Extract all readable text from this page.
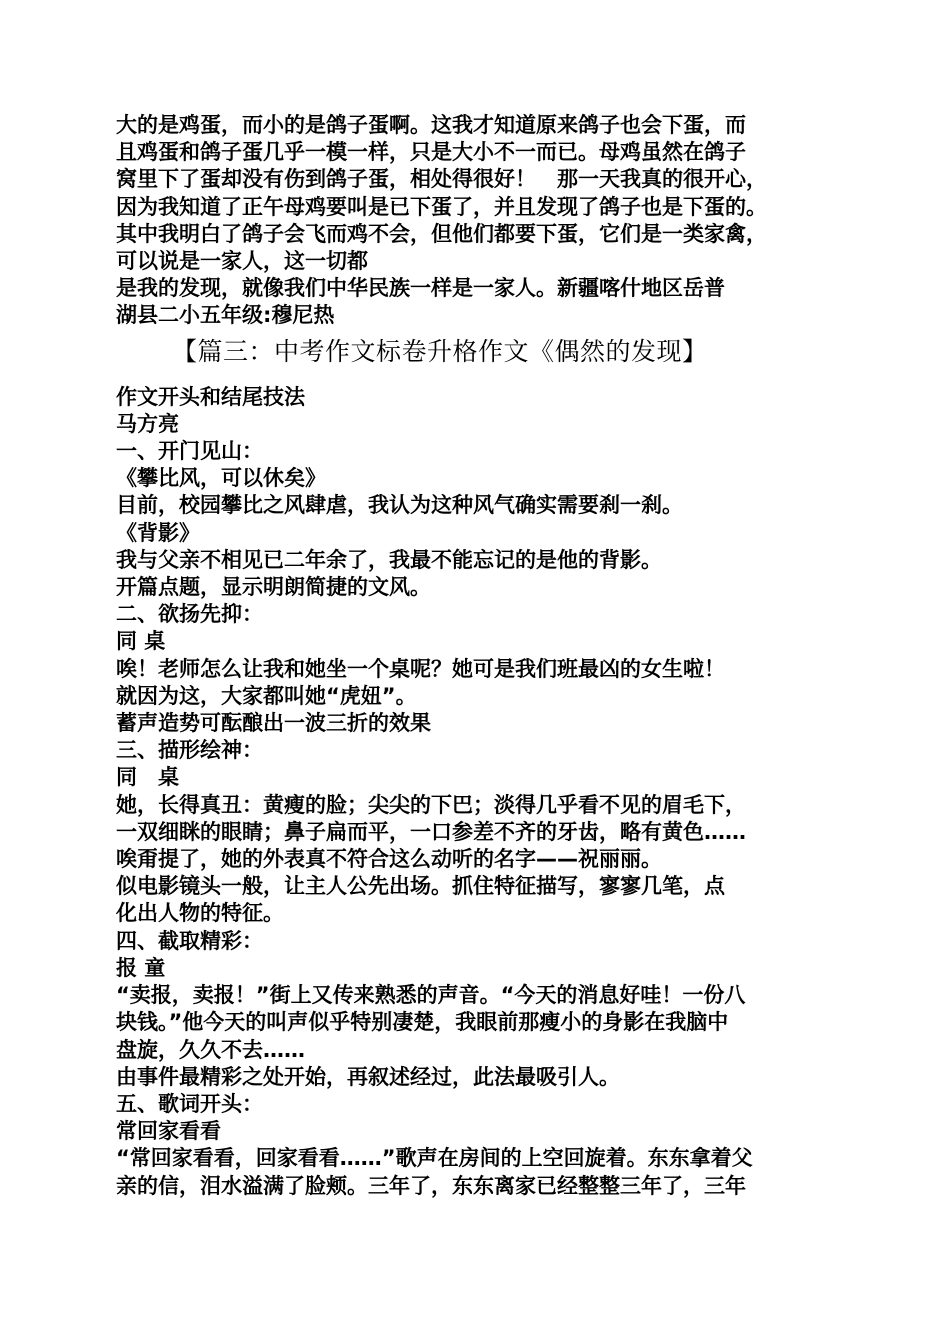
大的是鸡蛋，而小的是鸽子蛋啊。这我才知道原来鸽子也会下蛋，而
且鸡蛋和鸽子蛋几乎一模一样，只是大小不一而已。母鸡虽然在鸽子
窝里下了蛋却没有伤到鸽子蛋，相处得很好！　那一天我真的很开心，
因为我知道了正午母鸡要叫是已下蛋了，并且发现了鸽子也是下蛋的。
其中我明白了鸽子会飞而鸡不会，但他们都要下蛋，它们是一类家禽，
可以说是一家人，这一切都
是我的发现，就像我们中华民族一样是一家人。新疆喀什地区岳普
湖县二小五年级:穆尼热
【篇三：中考作文标卷升格作文《偶然的发现】
作文开头和结尾技法
马方亮
一、开门见山：
《攀比风，可以休矣》
目前，校园攀比之风肆虐，我认为这种风气确实需要刹一刹。
《背影》
我与父亲不相见已二年余了，我最不能忘记的是他的背影。
开篇点题，显示明朗简捷的文风。
二、欲扬先抑：
同 桌
唉！老师怎么让我和她坐一个桌呢？她可是我们班最凶的女生啦！
就因为这，大家都叫她“虎妞”。
蓄声造势可酝酿出一波三折的效果
三、描形绘神：
同　桌
她，长得真丑：黄瘦的脸；尖尖的下巴；淡得几乎看不见的眉毛下，
一双细眯的眼睛；鼻子扁而平，一口参差不齐的牙齿，略有黄色……
唉甭提了，她的外表真不符合这么动听的名字——祝丽丽。
似电影镜头一般，让主人公先出场。抓住特征描写，寥寥几笔，点
化出人物的特征。
四、截取精彩：
报 童
“卖报，卖报！”街上又传来熟悉的声音。“今天的消息好哇！一份八
块钱。”他今天的叫声似乎特别凄楚，我眼前那瘦小的身影在我脑中
盘旋，久久不去……
由事件最精彩之处开始，再叙述经过，此法最吸引人。
五、歌词开头：
常回家看看
“常回家看看，回家看看……”歌声在房间的上空回旋着。东东拿着父
亲的信，泪水溢满了脸颊。三年了，东东离家已经整整三年了，三年
